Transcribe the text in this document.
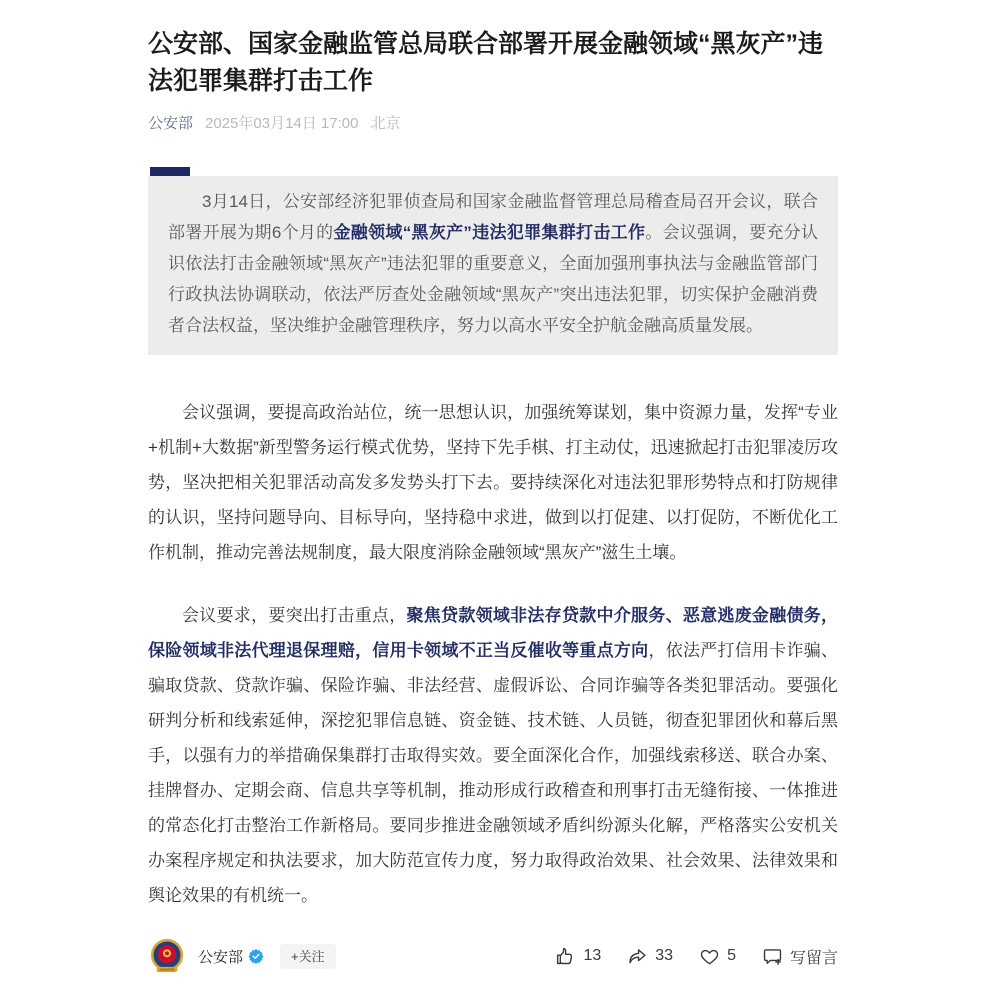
公安部、国家金融监管总局联合部署开展金融领域“黑灰产”违法犯罪集群打击工作
公安部 2025年03月14日 17:00 北京
3月14日，公安部经济犯罪侦查局和国家金融监督管理总局稽查局召开会议，联合部署开展为期6个月的金融领域“黑灰产”违法犯罪集群打击工作。会议强调，要充分认识依法打击金融领域“黑灰产”违法犯罪的重要意义，全面加强刑事执法与金融监管部门行政执法协调联动，依法严厉查处金融领域“黑灰产”突出违法犯罪，切实保护金融消费者合法权益，坚决维护金融管理秩序，努力以高水平安全护航金融高质量发展。

会议强调，要提高政治站位，统一思想认识，加强统筹谋划，集中资源力量，发挥“专业+机制+大数据”新型警务运行模式优势，坚持下先手棋、打主动仗，迅速掀起打击犯罪凌厉攻势，坚决把相关犯罪活动高发多发势头打下去。要持续深化对违法犯罪形势特点和打防规律的认识，坚持问题导向、目标导向，坚持稳中求进，做到以打促建、以打促防，不断优化工作机制，推动完善法规制度，最大限度消除金融领域“黑灰产”滋生土壤。

会议要求，要突出打击重点，聚焦贷款领域非法存贷款中介服务、恶意逃废金融债务，保险领域非法代理退保理赔，信用卡领域不正当反催收等重点方向，依法严打信用卡诈骗、骗取贷款、贷款诈骗、保险诈骗、非法经营、虚假诉讼、合同诈骗等各类犯罪活动。要强化研判分析和线索延伸，深挖犯罪信息链、资金链、技术链、人员链，彻查犯罪团伙和幕后黑手，以强有力的举措确保集群打击取得实效。要全面深化合作，加强线索移送、联合办案、挂牌督办、定期会商、信息共享等机制，推动形成行政稽查和刑事打击无缝衔接、一体推进的常态化打击整治工作新格局。要同步推进金融领域矛盾纠纷源头化解，严格落实公安机关办案程序规定和执法要求，加大防范宣传力度，努力取得政治效果、社会效果、法律效果和舆论效果的有机统一。

公安部	+关注	13	33	5	写留言
